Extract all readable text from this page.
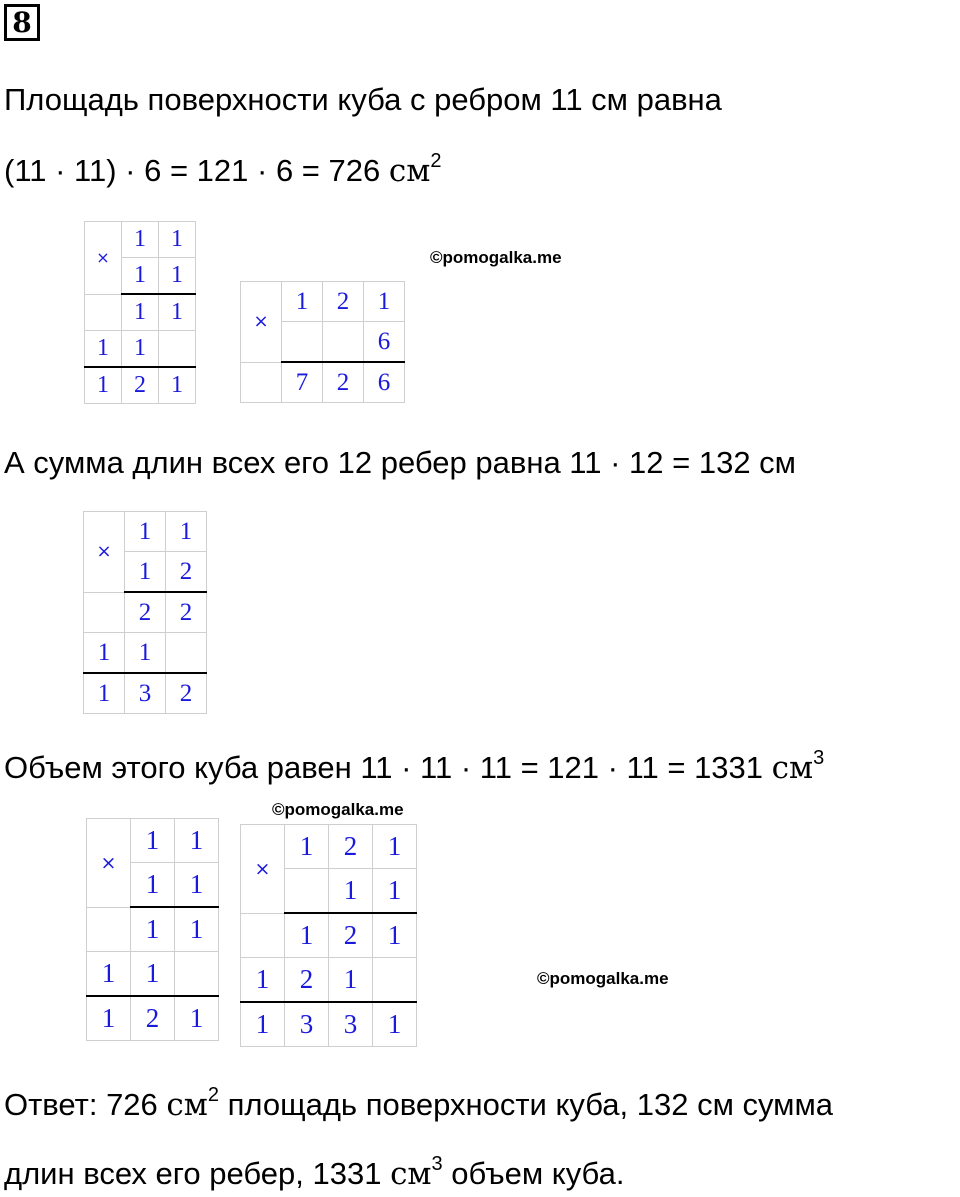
8
Площадь поверхности куба с ребром 11 см равна
(11 · 11) · 6 = 121 · 6 = 726 $см^2$
×	1	1
	1	1
	1	1
1	1	
1	2	1
×	1	2	1
			6
	7	2	6
©pomogalka.me
А сумма длин всех его 12 ребер равна 11 · 12 = 132 см
×	1	1
	1	2
	2	2
1	1	
1	3	2
Объем этого куба равен 11 · 11 · 11 = 121 · 11 = 1331 $см^3$
©pomogalka.me
×	1	1
	1	1
	1	1
1	1	
1	2	1
×	1	2	1
		1	1
	1	2	1
1	2	1	
1	3	3	1
©pomogalka.me
Ответ: 726 $см^2$ площадь поверхности куба, 132 см сумма
длин всех его ребер, 1331 $см^3$ объем куба.
